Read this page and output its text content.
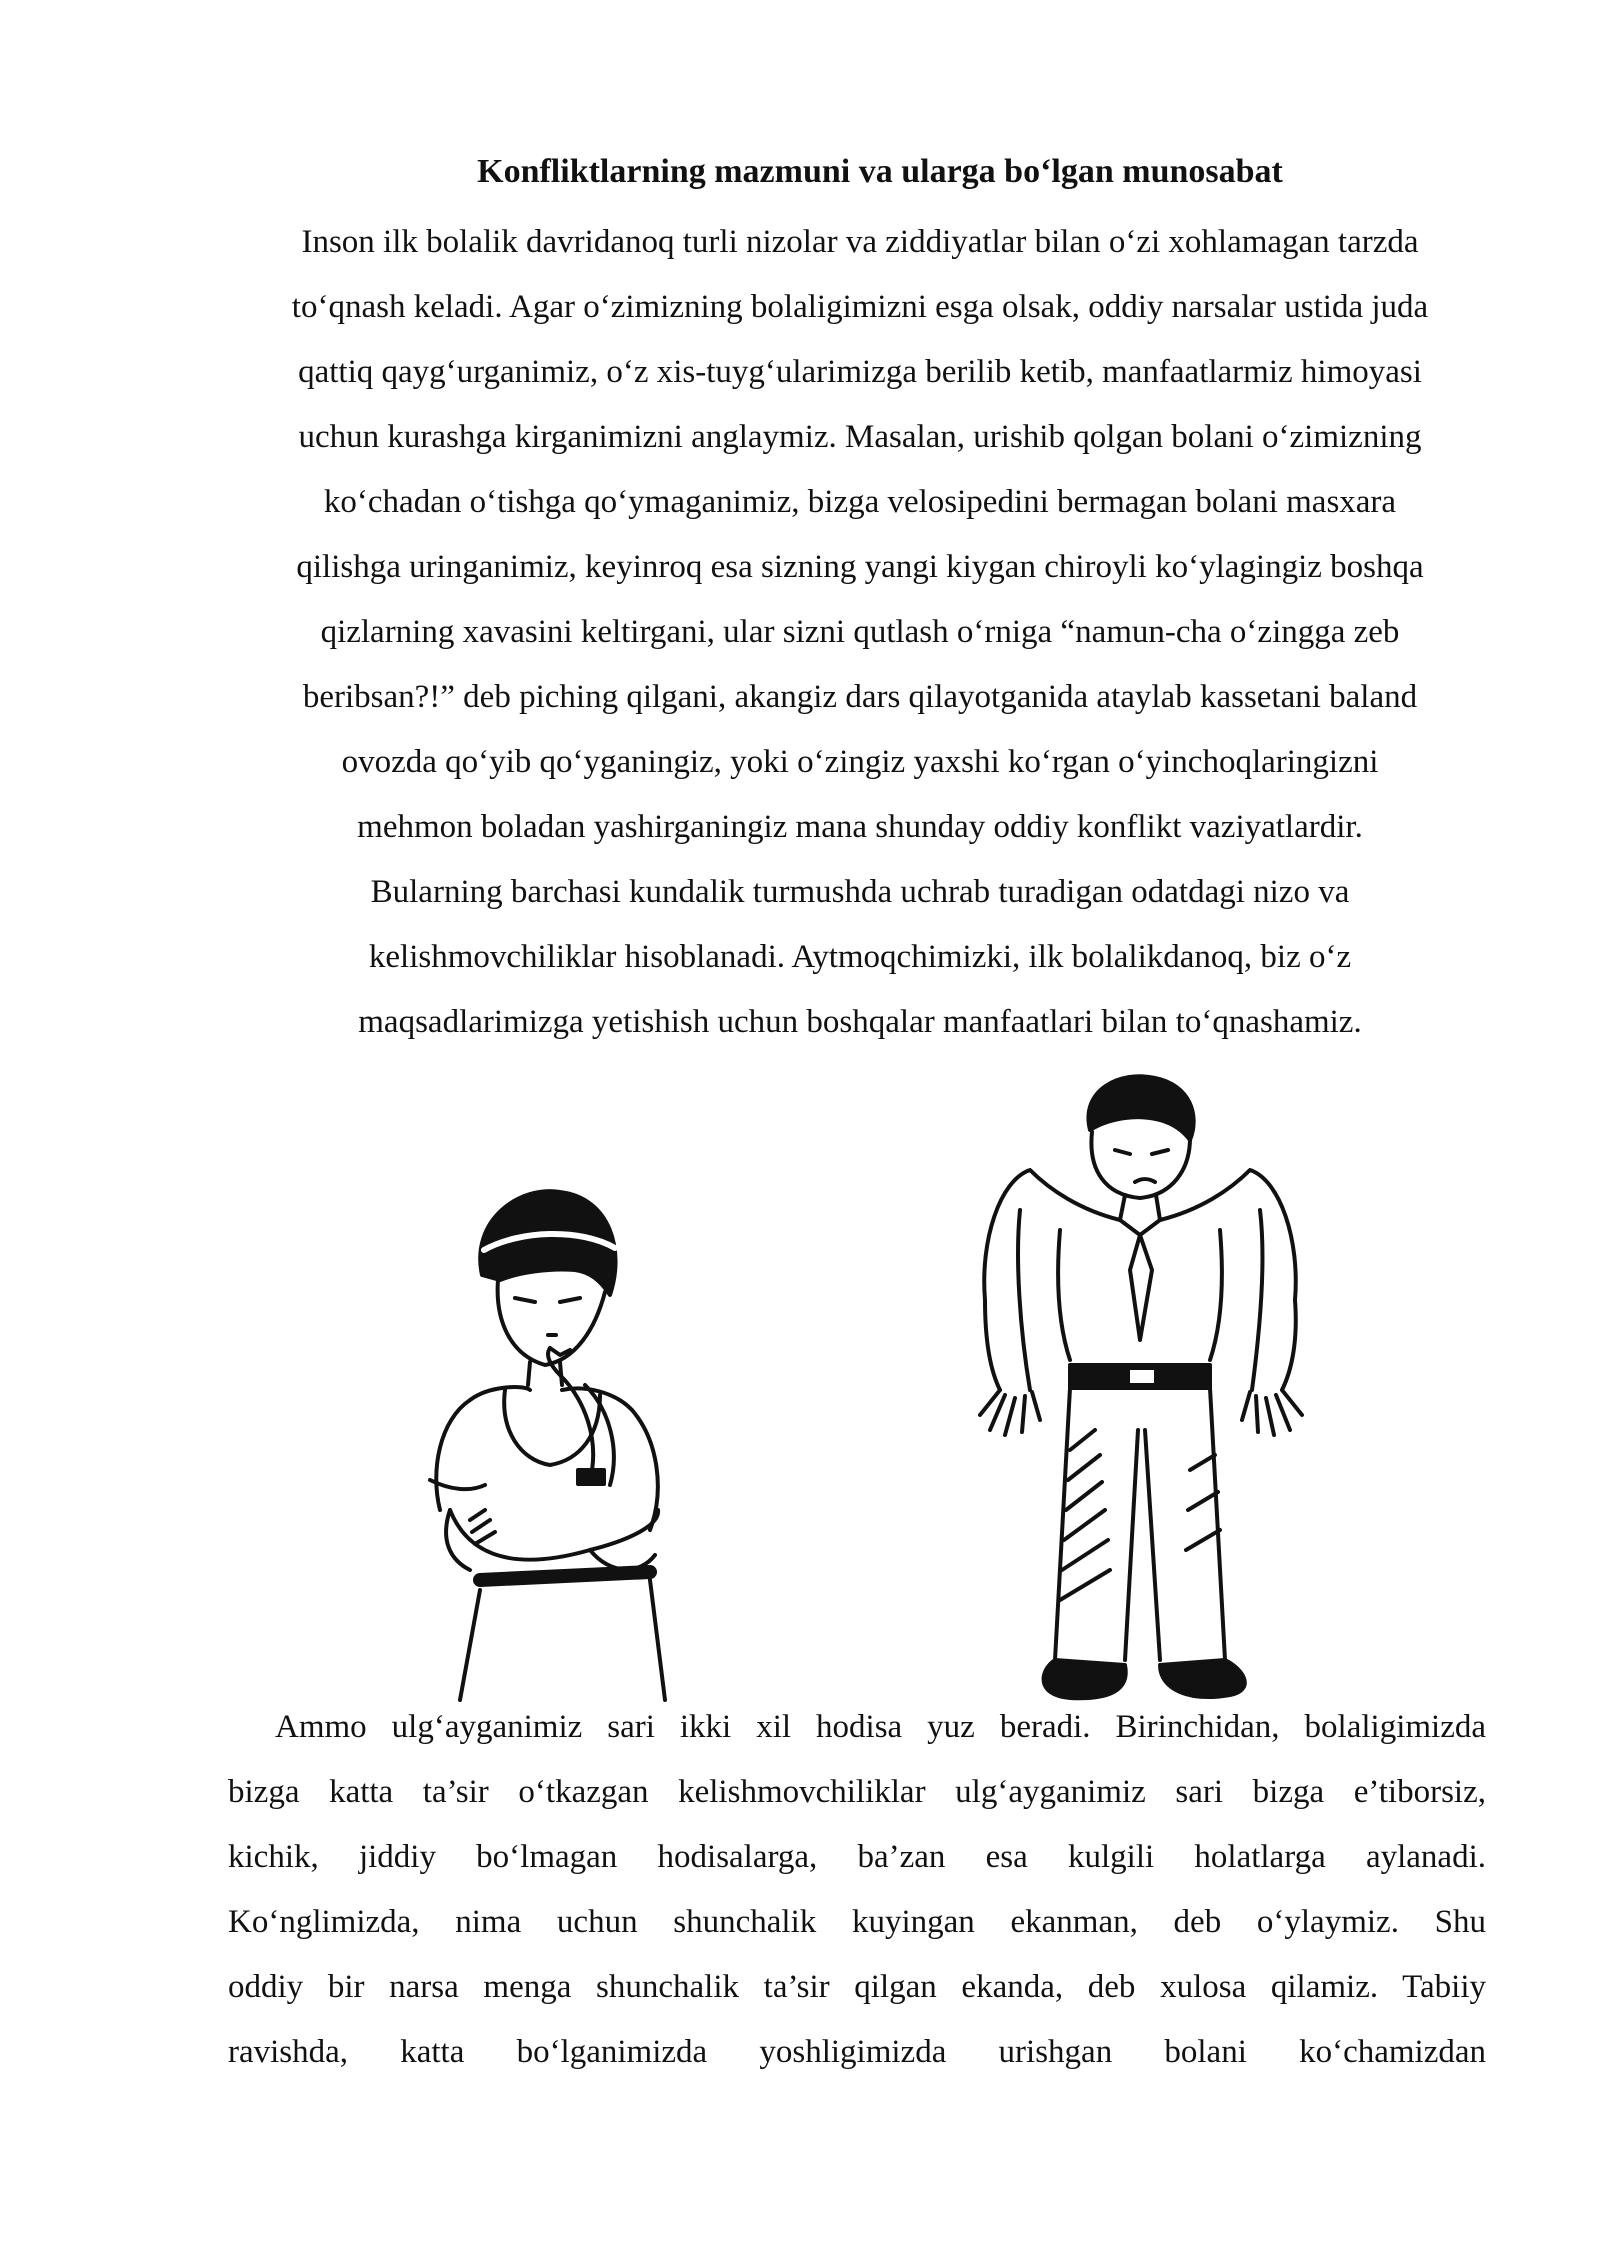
Konfliktlarning mazmuni va ularga bo‘lgan munosabat
Inson ilk bolalik davridanoq turli nizolar va ziddiyatlar bilan o‘zi xohlamagan tarzda
to‘qnash keladi. Agar o‘zimizning bolaligimizni esga olsak, oddiy narsalar ustida juda
qattiq qayg‘urganimiz, o‘z xis-tuyg‘ularimizga berilib ketib, manfaatlarmiz himoyasi
uchun kurashga kirganimizni anglaymiz. Masalan, urishib qolgan bolani o‘zimizning
ko‘chadan o‘tishga qo‘ymaganimiz, bizga velosipedini bermagan bolani masxara
qilishga uringanimiz, keyinroq esa sizning yangi kiygan chiroyli ko‘ylagingiz boshqa
qizlarning xavasini keltirgani, ular sizni qutlash o‘rniga “namun-cha o‘zingga zeb
beribsan?!” deb piching qilgani, akangiz dars qilayotganida ataylab kassetani baland
ovozda qo‘yib qo‘yganingiz, yoki o‘zingiz yaxshi ko‘rgan o‘yinchoqlaringizni
mehmon boladan yashirganingiz mana shunday oddiy konflikt vaziyatlardir.
Bularning barchasi kundalik turmushda uchrab turadigan odatdagi nizo va
kelishmovchiliklar hisoblanadi. Aytmoqchimizki, ilk bolalikdanoq, biz o‘z
maqsadlarimizga yetishish uchun boshqalar manfaatlari bilan to‘qnashamiz.
Ammo ulg‘ayganimiz sari ikki xil hodisa yuz beradi. Birinchidan, bolaligimizda
bizga katta ta’sir o‘tkazgan kelishmovchiliklar ulg‘ayganimiz sari bizga e’tiborsiz,
kichik, jiddiy bo‘lmagan hodisalarga, ba’zan esa kulgili holatlarga aylanadi.
Ko‘nglimizda, nima uchun shunchalik kuyingan ekanman, deb o‘ylaymiz. Shu
oddiy bir narsa menga shunchalik ta’sir qilgan ekanda, deb xulosa qilamiz. Tabiiy
ravishda, katta bo‘lganimizda yoshligimizda urishgan bolani ko‘chamizdan
